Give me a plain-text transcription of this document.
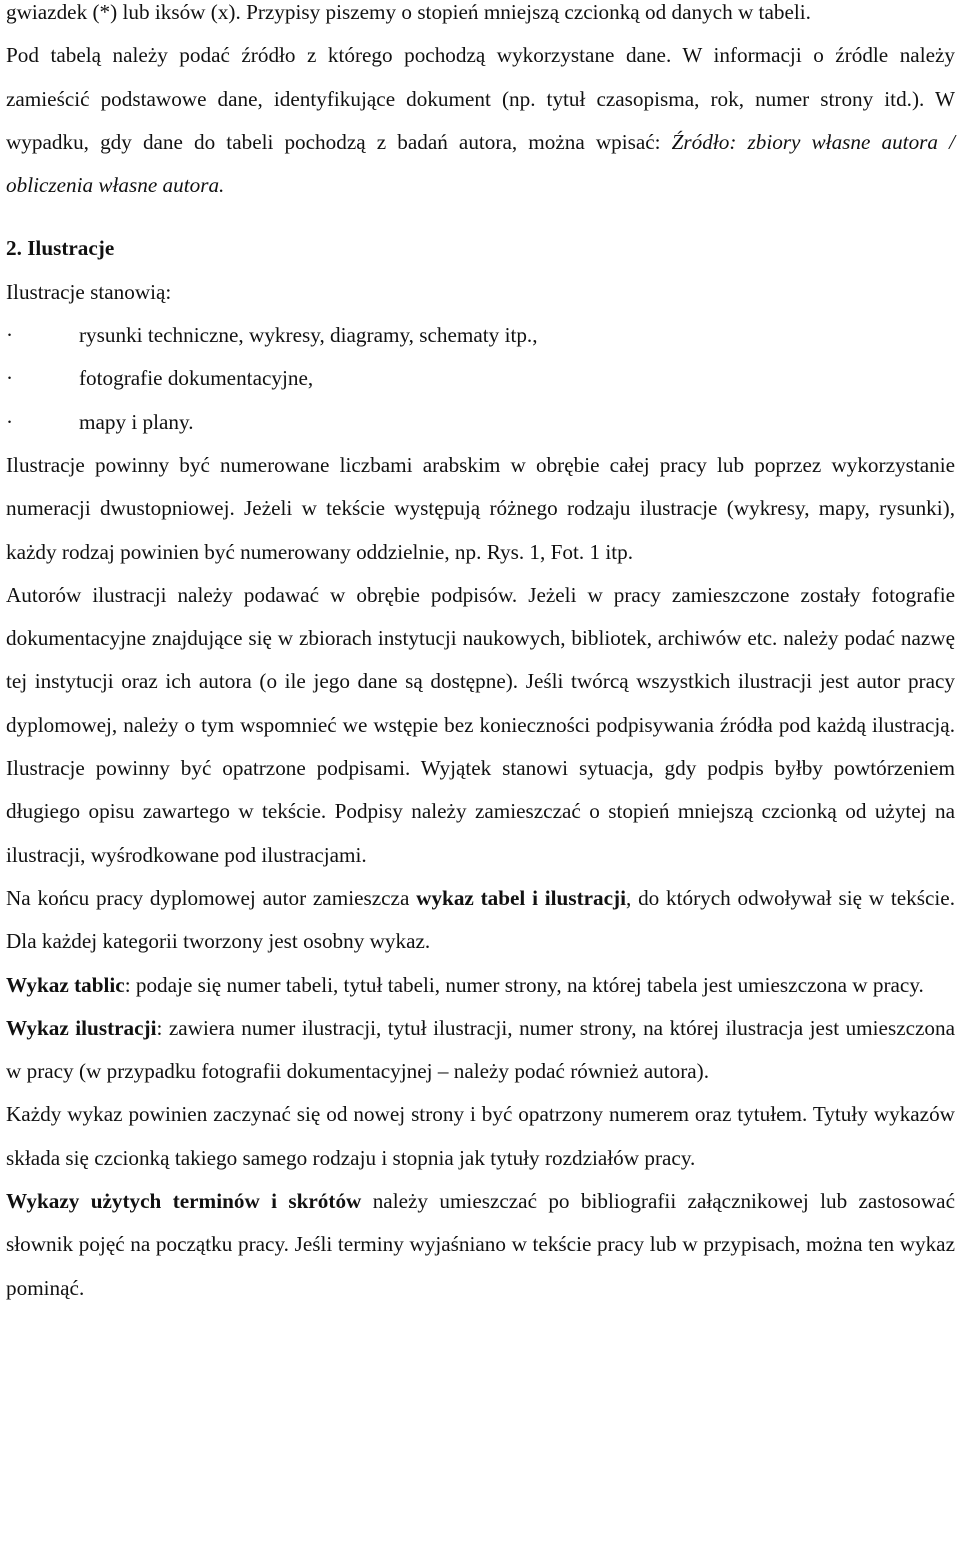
gwiazdek (*) lub iksów (x). Przypisy piszemy o stopień mniejszą czcionką od danych w tabeli.

Pod tabelą należy podać źródło z którego pochodzą wykorzystane dane. W informacji o źródle należy zamieścić podstawowe dane, identyfikujące dokument (np. tytuł czasopisma, rok, numer strony itd.). W wypadku, gdy dane do tabeli pochodzą z badań autora, można wpisać: Źródło: zbiory własne autora / obliczenia własne autora.

2. Ilustracje

Ilustracje stanowią:

·	rysunki techniczne, wykresy, diagramy, schematy itp.,
·	fotografie dokumentacyjne,
·	mapy i plany.

Ilustracje powinny być numerowane liczbami arabskim w obrębie całej pracy lub poprzez wykorzystanie numeracji dwustopniowej. Jeżeli w tekście występują różnego rodzaju ilustracje (wykresy, mapy, rysunki), każdy rodzaj powinien być numerowany oddzielnie, np. Rys. 1, Fot. 1 itp.

Autorów ilustracji należy podawać w obrębie podpisów. Jeżeli w pracy zamieszczone zostały fotografie dokumentacyjne znajdujące się w zbiorach instytucji naukowych, bibliotek, archiwów etc. należy podać nazwę tej instytucji oraz ich autora (o ile jego dane są dostępne). Jeśli twórcą wszystkich ilustracji jest autor pracy dyplomowej, należy o tym wspomnieć we wstępie bez konieczności podpisywania źródła pod każdą ilustracją. Ilustracje powinny być opatrzone podpisami. Wyjątek stanowi sytuacja, gdy podpis byłby powtórzeniem długiego opisu zawartego w tekście. Podpisy należy zamieszczać o stopień mniejszą czcionką od użytej na ilustracji, wyśrodkowane pod ilustracjami.

Na końcu pracy dyplomowej autor zamieszcza wykaz tabel i ilustracji, do których odwoływał się w tekście. Dla każdej kategorii tworzony jest osobny wykaz.

Wykaz tablic: podaje się numer tabeli, tytuł tabeli, numer strony, na której tabela jest umieszczona w pracy.

Wykaz ilustracji: zawiera numer ilustracji, tytuł ilustracji, numer strony, na której ilustracja jest umieszczona w pracy (w przypadku fotografii dokumentacyjnej – należy podać również autora).

Każdy wykaz powinien zaczynać się od nowej strony i być opatrzony numerem oraz tytułem. Tytuły wykazów składa się czcionką takiego samego rodzaju i stopnia jak tytuły rozdziałów pracy.

Wykazy użytych terminów i skrótów należy umieszczać po bibliografii załącznikowej lub zastosować słownik pojęć na początku pracy. Jeśli terminy wyjaśniano w tekście pracy lub w przypisach, można ten wykaz pominąć.
